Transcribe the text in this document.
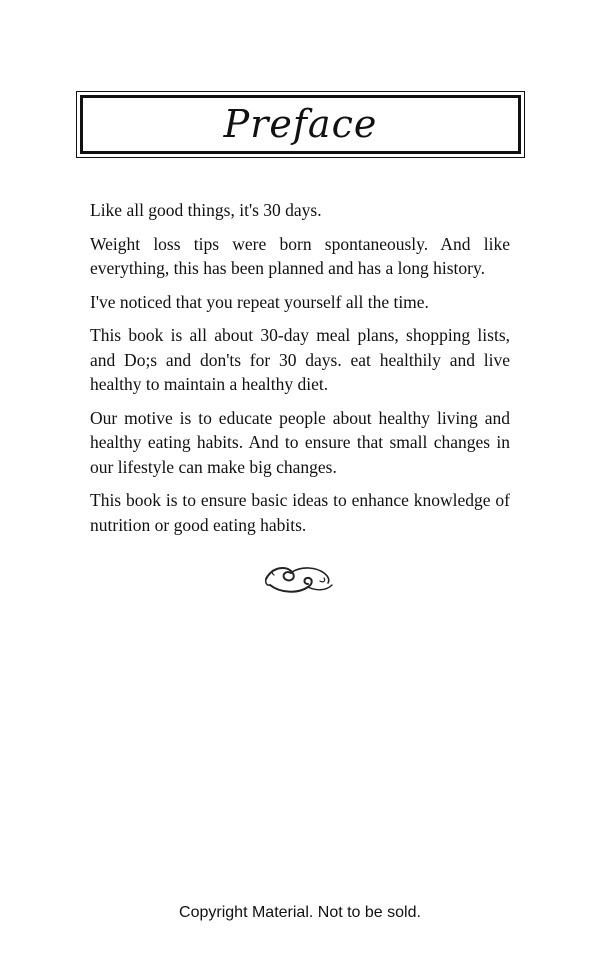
Preface

Like all good things, it's 30 days.

Weight loss tips were born spontaneously. And like everything, this has been planned and has a long history.

I've noticed that you repeat yourself all the time.

This book is all about 30-day meal plans, shopping lists, and Do;s and don'ts for 30 days. eat healthily and live healthy to maintain a healthy diet.

Our motive is to educate people about healthy living and healthy eating habits. And to ensure that small changes in our lifestyle can make big changes.

This book is to ensure basic ideas to enhance knowledge of nutrition or good eating habits.

Copyright Material. Not to be sold.
